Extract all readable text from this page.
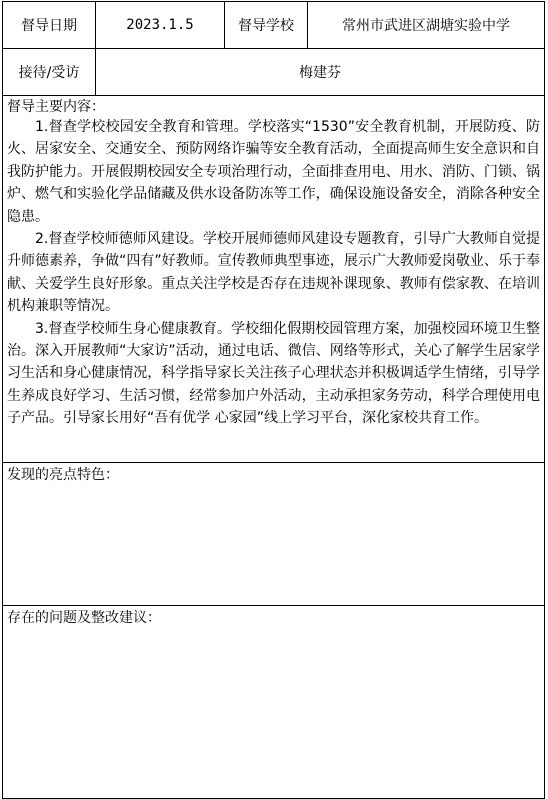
督导日期	2023.1.5	督导学校	常州市武进区湖塘实验中学
接待/受访	梅建芬		

督导主要内容：

1.督查学校校园安全教育和管理。学校落实“1530”安全教育机制，开展防疫、防火、居家安全、交通安全、预防网络诈骗等安全教育活动，全面提高师生安全意识和自我防护能力。开展假期校园安全专项治理行动，全面排查用电、用水、消防、门锁、锅炉、燃气和实验化学品储藏及供水设备防冻等工作，确保设施设备安全，消除各种安全隐患。

2.督查学校师德师风建设。学校开展师德师风建设专题教育，引导广大教师自觉提升师德素养，争做“四有”好教师。宣传教师典型事迹，展示广大教师爱岗敬业、乐于奉献、关爱学生良好形象。重点关注学校是否存在违规补课现象、教师有偿家教、在培训机构兼职等情况。

3.督查学校师生身心健康教育。学校细化假期校园管理方案，加强校园环境卫生整治。深入开展教师“大家访”活动，通过电话、微信、网络等形式，关心了解学生居家学习生活和身心健康情况，科学指导家长关注孩子心理状态并积极调适学生情绪，引导学生养成良好学习、生活习惯，经常参加户外活动，主动承担家务劳动，科学合理使用电子产品。引导家长用好“吾有优学 心家园”线上学习平台，深化家校共育工作。			

发现的亮点特色：			

存在的问题及整改建议：			
